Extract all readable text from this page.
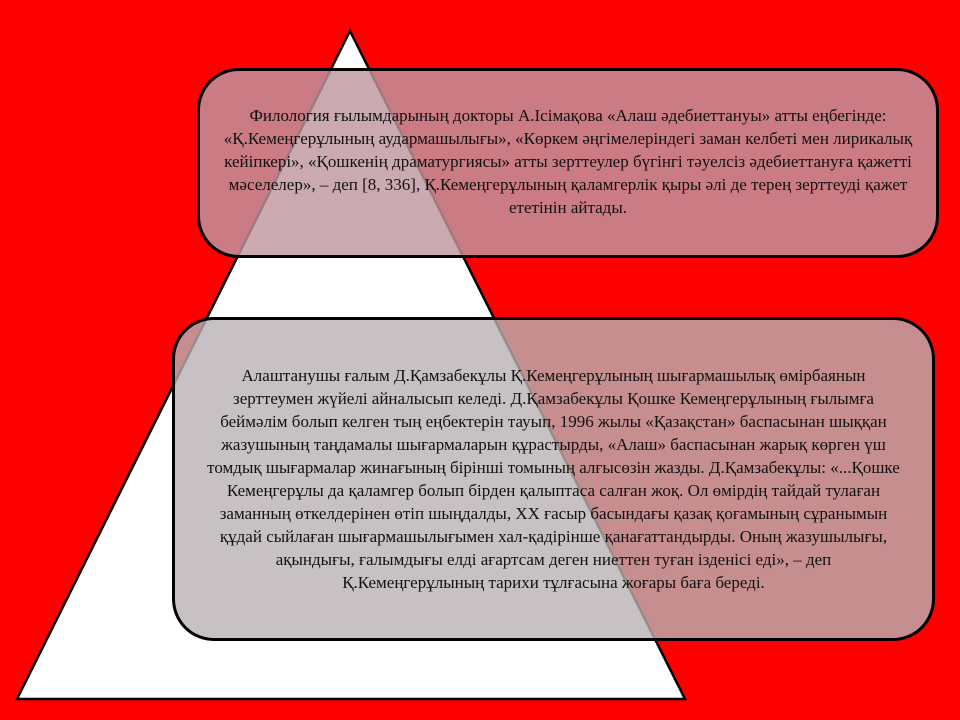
Филология ғылымдарының докторы А.Ісімақова «Алаш әдебиеттануы» атты еңбегінде: «Қ.Кемеңгерұлының аудармашылығы», «Көркем әңгімелеріндегі заман келбеті мен лирикалық кейіпкері», «Қошкенің драматургиясы» атты зерттеулер бүгінгі тәуелсіз әдебиеттануға қажетті мәселелер», – деп [8, 336], Қ.Кемеңгерұлының қаламгерлік қыры әлі де терең зерттеуді қажет ететінін айтады.

Алаштанушы ғалым Д.Қамзабекұлы Қ.Кемеңгерұлының шығармашылық өмірбаянын зерттеумен жүйелі айналысып келеді. Д.Қамзабекұлы Қошке Кемеңгерұлының ғылымға беймәлім болып келген тың еңбектерін тауып, 1996 жылы «Қазақстан» баспасынан шыққан жазушының таңдамалы шығармаларын құрастырды, «Алаш» баспасынан жарық көрген үш томдық шығармалар жинағының бірінші томының алғысөзін жазды. Д.Қамзабекұлы: «...Қошке Кемеңгерұлы да қаламгер болып бірден қалыптаса салған жоқ. Ол өмірдің тайдай тулаған заманның өткелдерінен өтіп шыңдалды, ХХ ғасыр басындағы қазақ қоғамының сұранымын құдай сыйлаған шығармашылығымен хал-қадірінше қанағаттандырды. Оның жазушылығы, ақындығы, ғалымдығы елді ағартсам деген ниеттен туған ізденісі еді», – деп Қ.Кемеңгерұлының тарихи тұлғасына жоғары баға береді.
